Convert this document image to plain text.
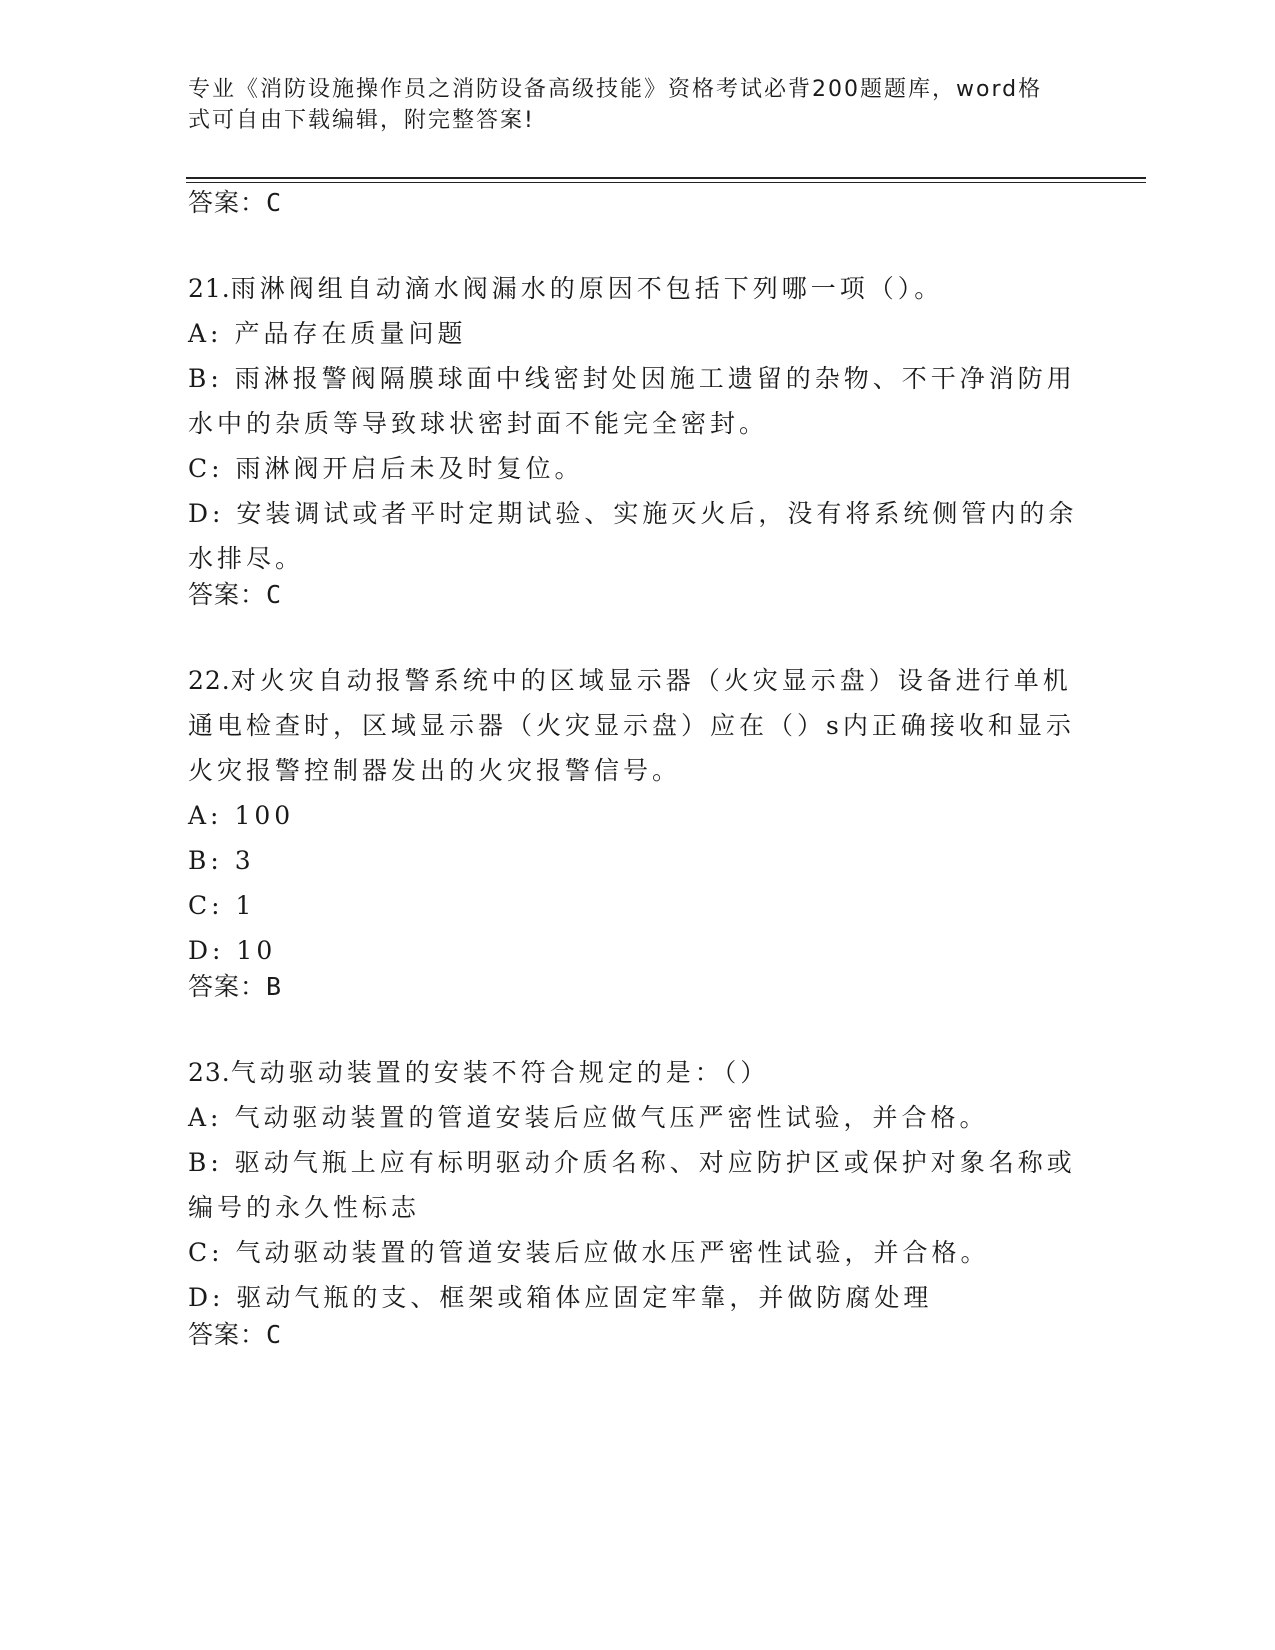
专业《消防设施操作员之消防设备高级技能》资格考试必背200题题库，word格
式可自由下载编辑，附完整答案!
答案：C
21.雨淋阀组自动滴水阀漏水的原因不包括下列哪一项（）。
A: 产品存在质量问题
B: 雨淋报警阀隔膜球面中线密封处因施工遗留的杂物、不干净消防用
水中的杂质等导致球状密封面不能完全密封。
C: 雨淋阀开启后未及时复位。
D: 安装调试或者平时定期试验、实施灭火后，没有将系统侧管内的余
水排尽。
答案：C
22.对火灾自动报警系统中的区域显示器（火灾显示盘）设备进行单机
通电检查时，区域显示器（火灾显示盘）应在（）s内正确接收和显示
火灾报警控制器发出的火灾报警信号。
A: 100
B: 3
C: 1
D: 10
答案：B
23.气动驱动装置的安装不符合规定的是：（）
A: 气动驱动装置的管道安装后应做气压严密性试验，并合格。
B: 驱动气瓶上应有标明驱动介质名称、对应防护区或保护对象名称或
编号的永久性标志
C: 气动驱动装置的管道安装后应做水压严密性试验，并合格。
D: 驱动气瓶的支、框架或箱体应固定牢靠，并做防腐处理
答案：C
